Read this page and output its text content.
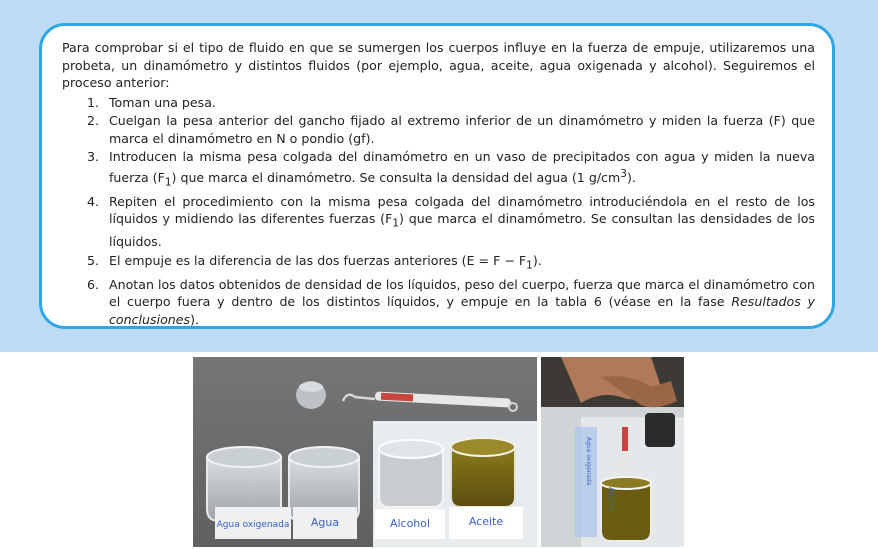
Para comprobar si el tipo de fluido en que se sumergen los cuerpos influye en la fuerza de empuje, utilizaremos una probeta, un dinamómetro y distintos fluidos (por ejemplo, agua, aceite, agua oxigenada y alcohol). Seguiremos el proceso anterior:

1. Toman una pesa.
2. Cuelgan la pesa anterior del gancho fijado al extremo inferior de un dinamómetro y miden la fuerza (F) que marca el dinamómetro en N o pondio (gf).
3. Introducen la misma pesa colgada del dinamómetro en un vaso de precipitados con agua y miden la nueva fuerza $(F_1)$ que marca el dinamómetro. Se consulta la densidad del agua (1 $g/cm^3$).
4. Repiten el procedimiento con la misma pesa colgada del dinamómetro introduciéndola en el resto de los líquidos y midiendo las diferentes fuerzas $(F_1)$ que marca el dinamómetro. Se consultan las densidades de los líquidos.
5. El empuje es la diferencia de las dos fuerzas anteriores $(E = F - F_1)$.
6. Anotan los datos obtenidos de densidad de los líquidos, peso del cuerpo, fuerza que marca el dinamómetro con el cuerpo fuera y dentro de los distintos líquidos, y empuje en la tabla 6 (véase en la fase Resultados y conclusiones).
Agua oxigenada Agua	Alcohol	Aceite
Agua oxigenada
ACEITE
